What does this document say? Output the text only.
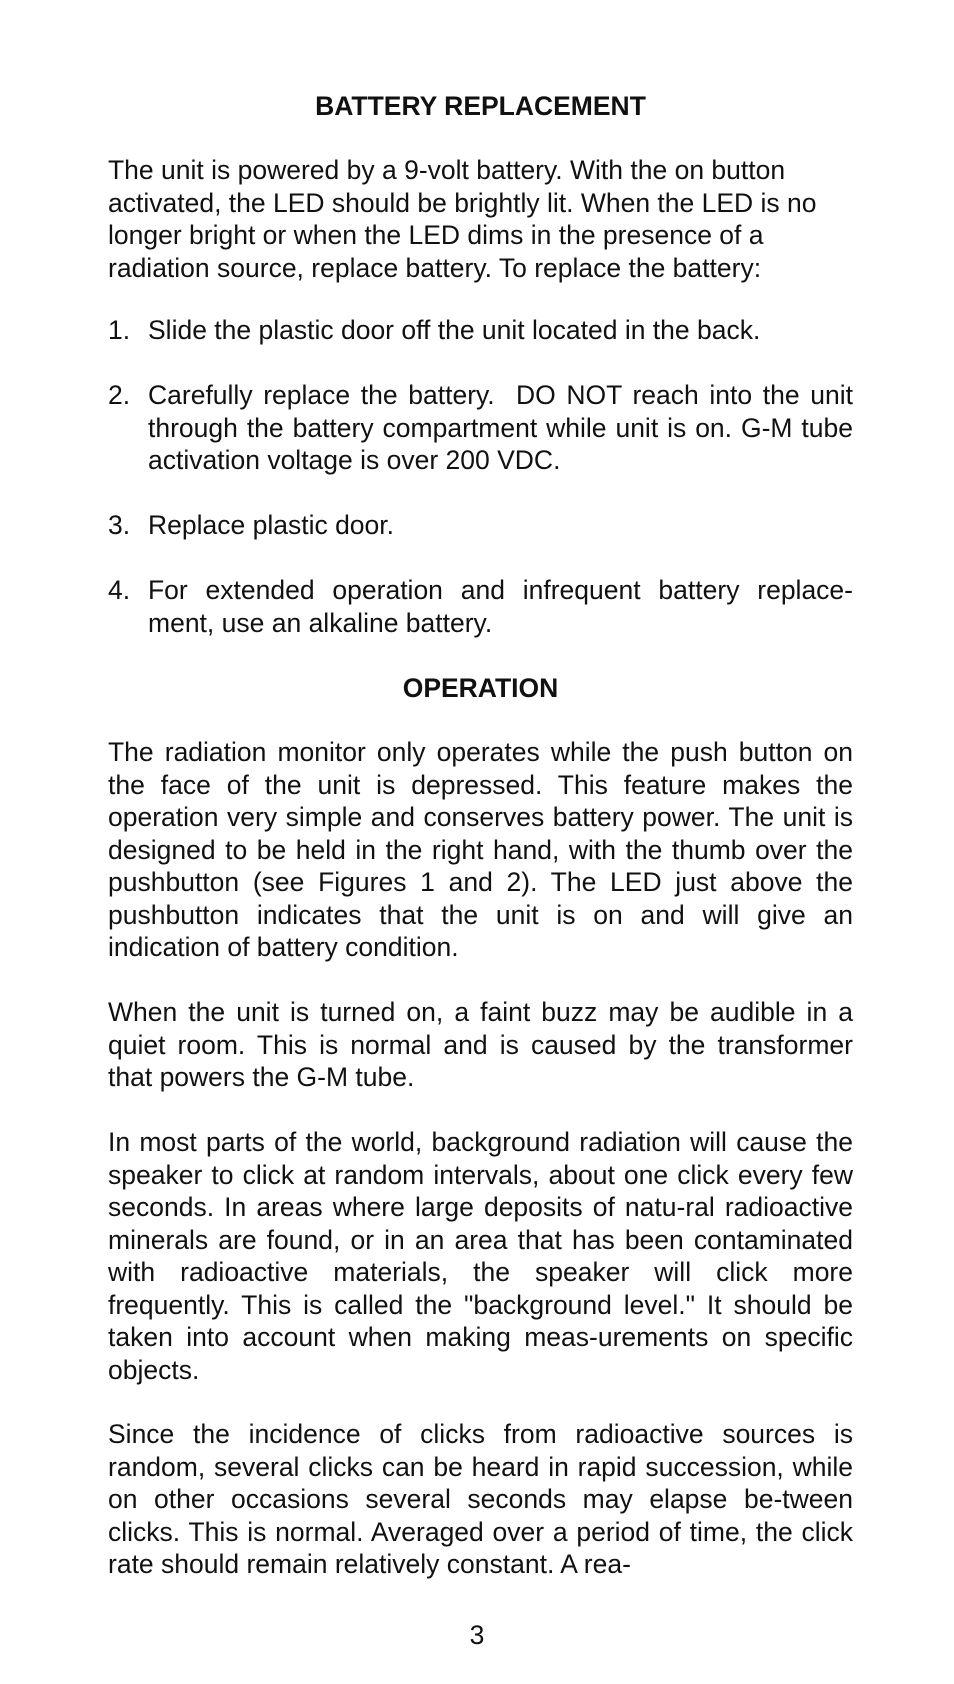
BATTERY REPLACEMENT

The unit is powered by a 9-volt battery. With the on button activated, the LED should be brightly lit. When the LED is no longer bright or when the LED dims in the presence of a radiation source, replace battery. To replace the battery:

1. Slide the plastic door off the unit located in the back.
2. Carefully replace the battery.  DO NOT reach into the unit through the battery compartment while unit is on. G-M tube activation voltage is over 200 VDC.
3. Replace plastic door.
4. For extended operation and infrequent battery replace-ment, use an alkaline battery.
OPERATION

The radiation monitor only operates while the push button on the face of the unit is depressed. This feature makes the operation very simple and conserves battery power. The unit is designed to be held in the right hand, with the thumb over the pushbutton (see Figures 1 and 2). The LED just above the pushbutton indicates that the unit is on and will give an indication of battery condition.

When the unit is turned on, a faint buzz may be audible in a quiet room. This is normal and is caused by the transformer that powers the G-M tube.

In most parts of the world, background radiation will cause the speaker to click at random intervals, about one click every few seconds. In areas where large deposits of natu-ral radioactive minerals are found, or in an area that has been contaminated with radioactive materials, the speaker will click more frequently. This is called the "background level." It should be taken into account when making meas-urements on specific objects.

Since the incidence of clicks from radioactive sources is random, several clicks can be heard in rapid succession, while on other occasions several seconds may elapse be-tween clicks. This is normal. Averaged over a period of time, the click rate should remain relatively constant. A rea-

3
